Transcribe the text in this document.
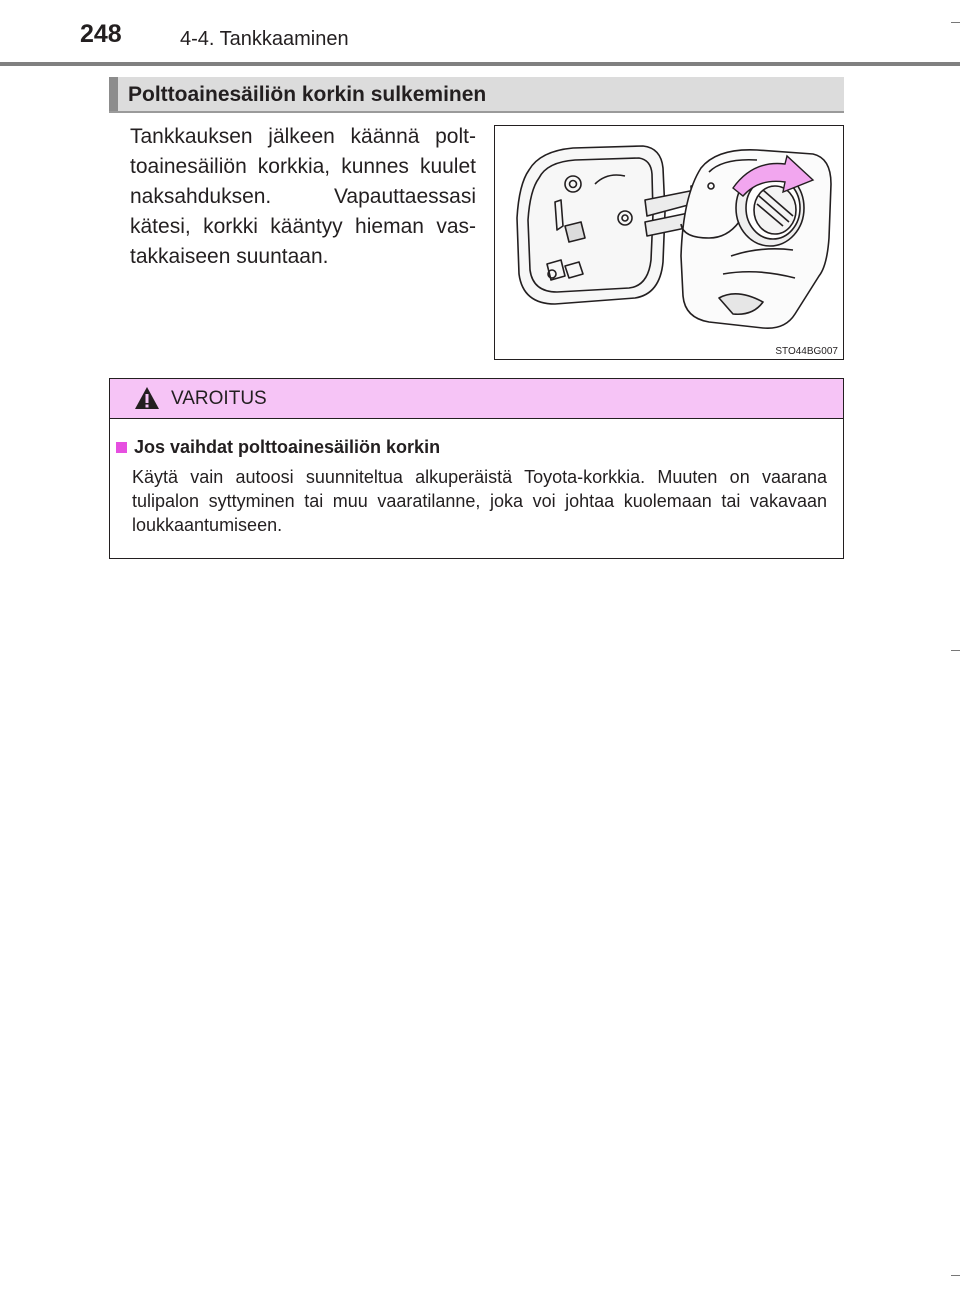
248	4-4. Tankkaaminen
Polttoainesäiliön korkin sulkeminen
Tankkauksen jälkeen käännä polttoainesäiliön korkkia, kunnes kuulet naksahduksen. Vapauttaessasi kätesi, korkki kääntyy hieman vastakkaiseen suuntaan.
STO44BG007
VAROITUS
Jos vaihdat polttoainesäiliön korkin
Käytä vain autoosi suunniteltua alkuperäistä Toyota-korkkia. Muuten on vaarana tulipalon syttyminen tai muu vaaratilanne, joka voi johtaa kuolemaan tai vakavaan loukkaantumiseen.
